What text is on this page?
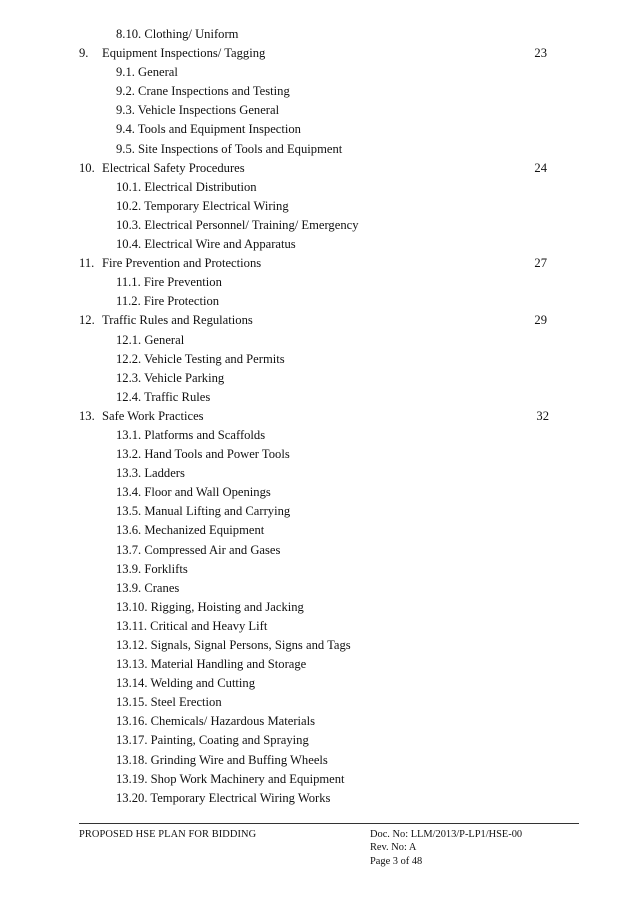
8.10. Clothing/ Uniform
9. Equipment Inspections/ Tagging	23
9.1. General
9.2. Crane Inspections and Testing
9.3. Vehicle Inspections General
9.4. Tools and Equipment Inspection
9.5. Site Inspections of Tools and Equipment
10. Electrical Safety Procedures	24
10.1. Electrical Distribution
10.2. Temporary Electrical Wiring
10.3. Electrical Personnel/ Training/ Emergency
10.4. Electrical Wire and Apparatus
11. Fire Prevention and Protections	27
11.1. Fire Prevention
11.2. Fire Protection
12. Traffic Rules and Regulations	29
12.1. General
12.2. Vehicle Testing and Permits
12.3. Vehicle Parking
12.4. Traffic Rules
13. Safe Work Practices	32
13.1. Platforms and Scaffolds
13.2. Hand Tools and Power Tools
13.3. Ladders
13.4. Floor and Wall Openings
13.5. Manual Lifting and Carrying
13.6. Mechanized Equipment
13.7. Compressed Air and Gases
13.9. Forklifts
13.9. Cranes
13.10. Rigging, Hoisting and Jacking
13.11. Critical and Heavy Lift
13.12. Signals, Signal Persons, Signs and Tags
13.13. Material Handling and Storage
13.14. Welding and Cutting
13.15. Steel Erection
13.16. Chemicals/ Hazardous Materials
13.17. Painting, Coating and Spraying
13.18. Grinding Wire and Buffing Wheels
13.19. Shop Work Machinery and Equipment
13.20. Temporary Electrical Wiring Works
PROPOSED HSE PLAN FOR BIDDING	Doc. No: LLM/2013/P-LP1/HSE-00
Rev. No: A
Page 3 of 48
